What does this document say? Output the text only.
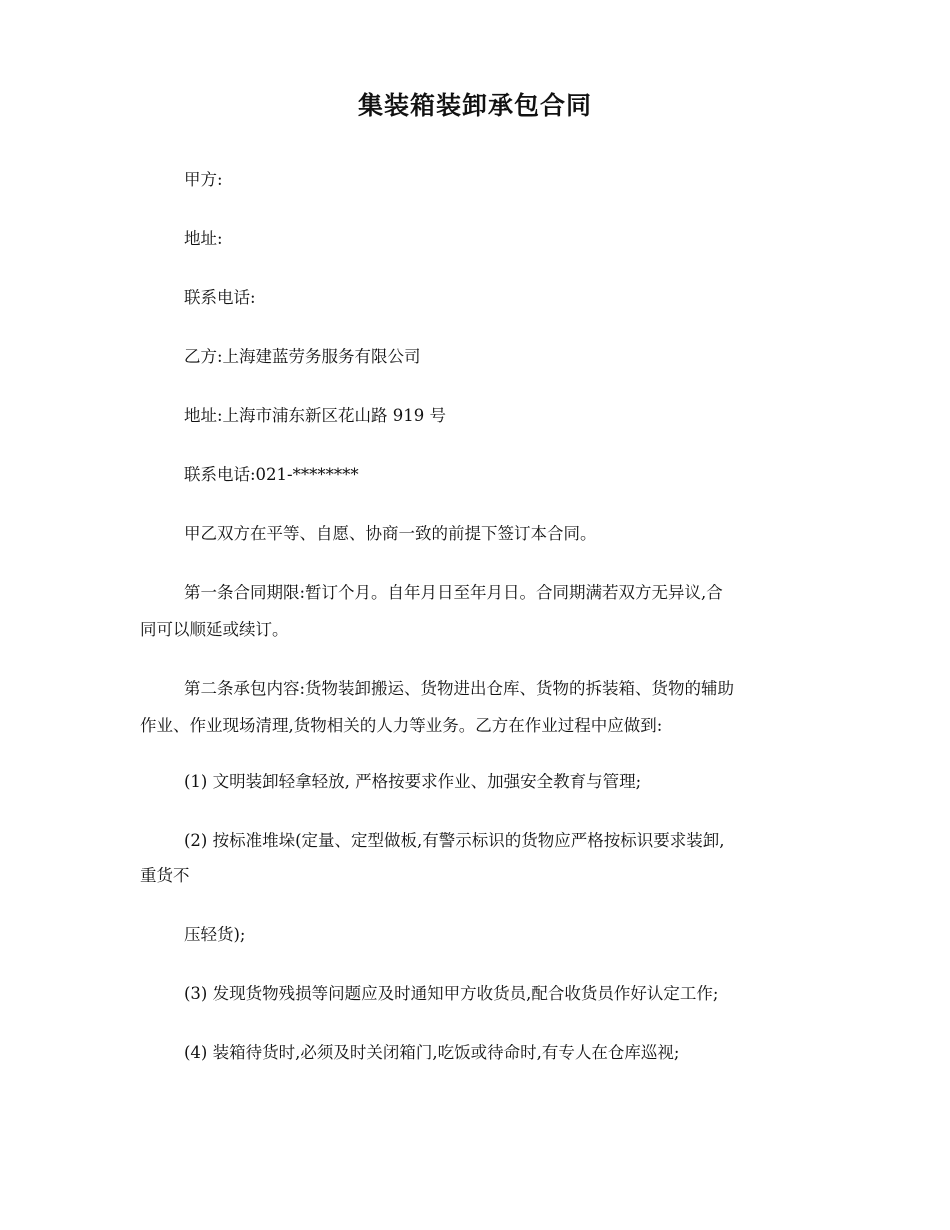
集装箱装卸承包合同
甲方:
地址:
联系电话:
乙方:上海建蓝劳务服务有限公司
地址:上海市浦东新区花山路 919 号
联系电话:021-********
甲乙双方在平等、自愿、协商一致的前提下签订本合同。
第一条合同期限:暂订个月。自年月日至年月日。合同期满若双方无异议,合
同可以顺延或续订。
第二条承包内容:货物装卸搬运、货物进出仓库、货物的拆装箱、货物的辅助
作业、作业现场清理,货物相关的人力等业务。乙方在作业过程中应做到:
(1) 文明装卸轻拿轻放, 严格按要求作业、加强安全教育与管理;
(2) 按标准堆垛(定量、定型做板,有警示标识的货物应严格按标识要求装卸,
重货不
压轻货);
(3) 发现货物残损等问题应及时通知甲方收货员,配合收货员作好认定工作;
(4) 装箱待货时,必须及时关闭箱门,吃饭或待命时,有专人在仓库巡视;
